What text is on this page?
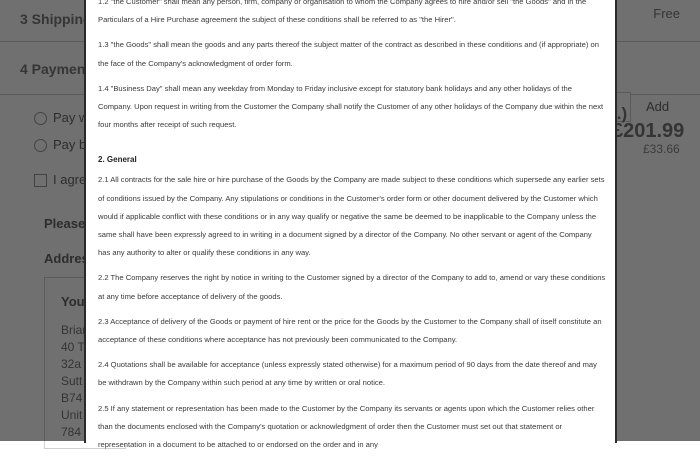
1.2 "the Customer" shall mean any person, firm, company or organisation to whom the Company agrees to hire and/or sell "the Goods" and in the Particulars of a Hire Purchase agreement the subject of these conditions shall be referred to as "the Hirer".

1.3 "the Goods" shall mean the goods and any parts thereof the subject matter of the contract as described in these conditions and (if appropriate) on the face of the Company's acknowledgment of order form.

1.4 "Business Day" shall mean any weekday from Monday to Friday inclusive except for statutory bank holidays and any other holidays of the Company. Upon request in writing from the Customer the Company shall notify the Customer of any other holidays of the Company due within the next four months after receipt of such request.

2. General

2.1 All contracts for the sale hire or hire purchase of the Goods by the Company are made subject to these conditions which supersede any earlier sets of conditions issued by the Company. Any stipulations or conditions in the Customer's order form or other document delivered by the Customer which would if applicable conflict with these conditions or in any way qualify or negative the same be deemed to be inapplicable to the Company unless the same shall have been expressly agreed to in writing in a document signed by a director of the Company. No other servant or agent of the Company has any authority to alter or qualify these conditions in any way.

2.2 The Company reserves the right by notice in writing to the Customer signed by a director of the Company to add to, amend or vary these conditions at any time before acceptance of delivery of the goods.

2.3 Acceptance of delivery of the Goods or payment of hire rent or the price for the Goods by the Customer to the Company shall of itself constitute an acceptance of these conditions where acceptance has not previously been communicated to the Company.

2.4 Quotations shall be available for acceptance (unless expressly stated otherwise) for a maximum period of 90 days from the date thereof and may be withdrawn by the Company within such period at any time by written or oral notice.

2.5 If any statement or representation has been made to the Customer by the Company its servants or agents upon which the Customer relies other than the documents enclosed with the Company's quotation or acknowledgment of order then the Customer must set out that statement or representation in a document to be attached to or endorsed on the order and in any
